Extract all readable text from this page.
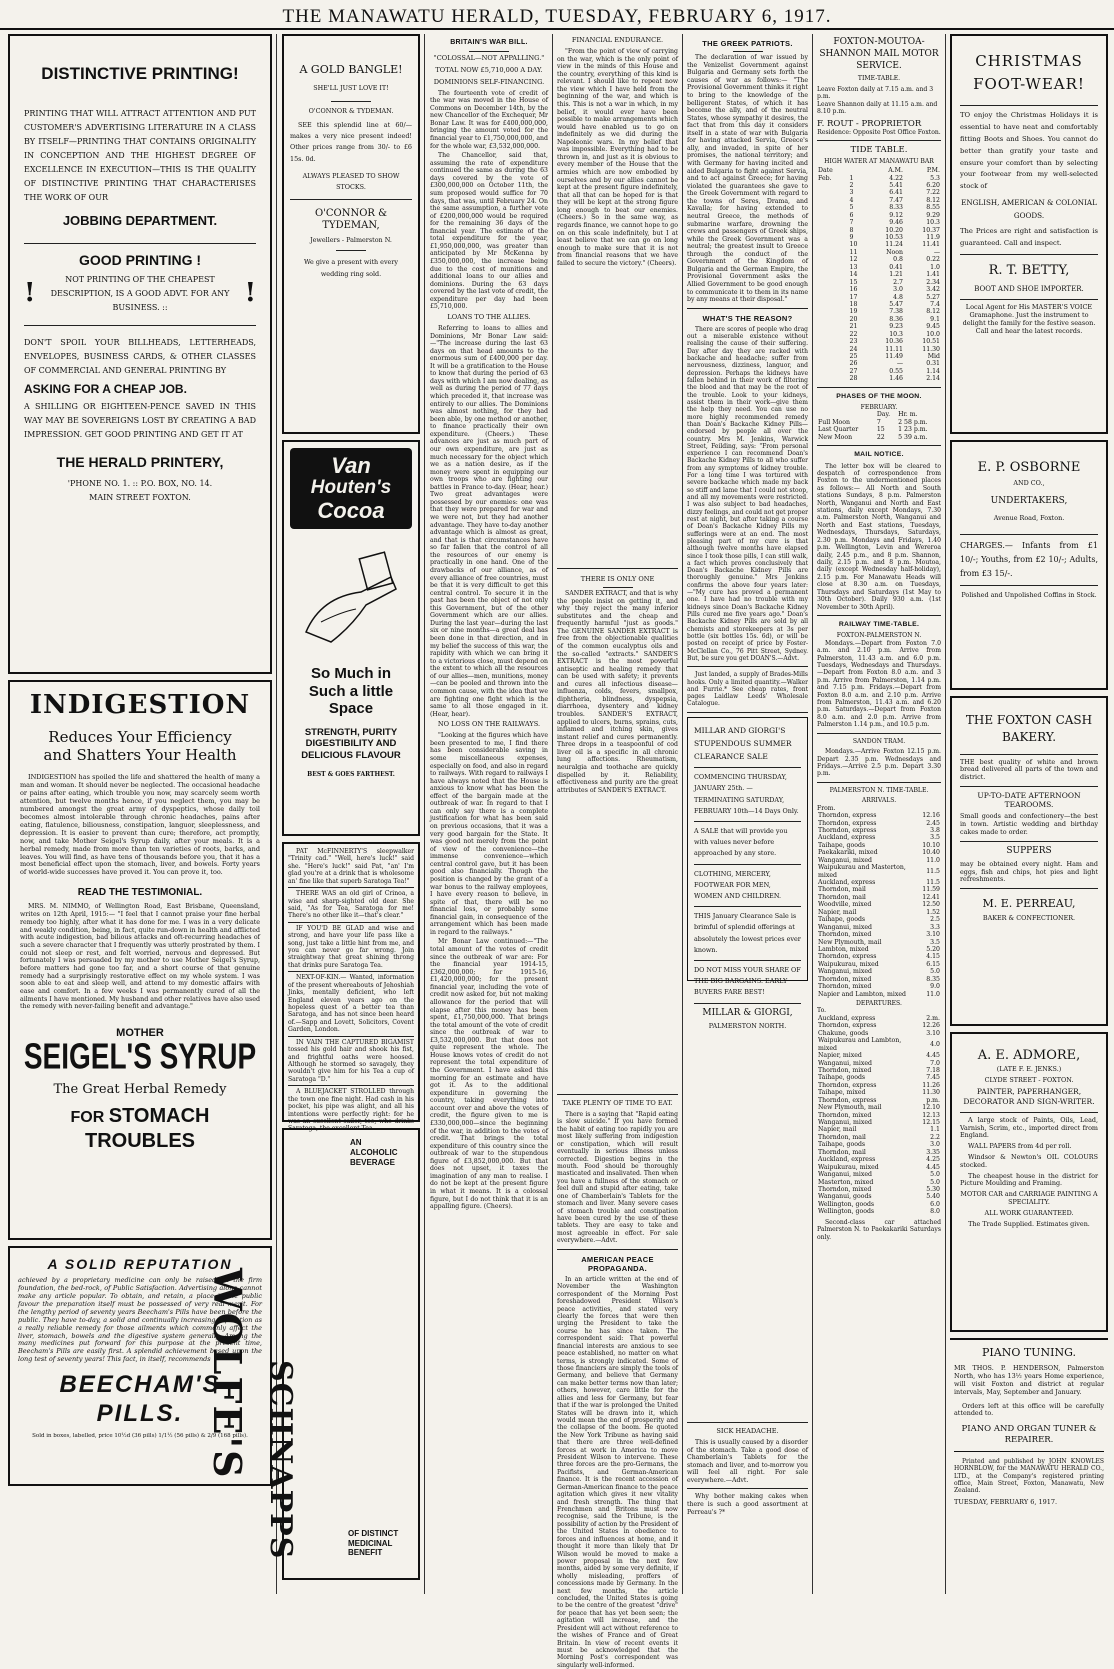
THE MANAWATU HERALD, TUESDAY, FEBRUARY 6, 1917.
DISTINCTIVE PRINTING!
PRINTING THAT WILL ATTRACT ATTENTION AND PUT CUSTOMER'S ADVERTISING LITERATURE IN A CLASS BY ITSELF—PRINTING THAT CONTAINS ORIGINALITY IN CONCEPTION AND THE HIGHEST DEGREE OF EXCELLENCE IN EXECUTION—THIS IS THE QUALITY OF DISTINCTIVE PRINTING THAT CHARACTERISES THE WORK OF OUR
JOBBING DEPARTMENT.
GOOD PRINTING !
!	NOT PRINTING OF THE CHEAPEST DESCRIPTION, IS A GOOD ADVT. FOR ANY BUSINESS. ::	!
DON'T SPOIL YOUR BILLHEADS, LETTERHEADS, ENVELOPES, BUSINESS CARDS, & OTHER CLASSES OF COMMERCIAL AND GENERAL PRINTING BY
ASKING FOR A CHEAP JOB.
A SHILLING OR EIGHTEEN-PENCE SAVED IN THIS WAY MAY BE SOVEREIGNS LOST BY CREATING A BAD IMPRESSION. GET GOOD PRINTING AND GET IT AT
THE HERALD PRINTERY,
'PHONE NO. 1. :: P.O. BOX, NO. 14.
MAIN STREET FOXTON.
INDIGESTION
Reduces Your Efficiency and Shatters Your Health

INDIGESTION has spoiled the life and shattered the health of many a man and woman. It should never be neglected. The occasional headache or pains after eating, which trouble you now, may scarcely seem worth attention, but twelve months hence, if you neglect them, you may be numbered amongst the great army of dyspeptics, whose daily toil becomes almost intolerable through chronic headaches, pains after eating, flatulence, biliousness, constipation, languor, sleeplessness, and depression. It is easier to prevent than cure; therefore, act promptly, now, and take Mother Seigel's Syrup daily, after your meals. It is a herbal remedy, made from more than ten varieties of roots, barks, and leaves. You will find, as have tens of thousands before you, that it has a most beneficial effect upon the stomach, liver, and bowels. Forty years of world-wide successes have proved it. You can prove it, too.

READ THE TESTIMONIAL.

MRS. M. NIMMO, of Wellington Road, East Brisbane, Queensland, writes on 12th April, 1915:— "I feel that I cannot praise your fine herbal remedy too highly, after what it has done for me. I was in a very delicate and weakly condition, being, in fact, quite run-down in health and afflicted with acute indigestion, bad bilious attacks and oft-recurring headaches of such a severe character that I frequently was utterly prostrated by them. I could not sleep or rest, and felt worried, nervous and depressed. But fortunately I was persuaded by my mother to use Mother Seigel's Syrup, before matters had gone too far, and a short course of that genuine remedy had a surprisingly restorative effect on my whole system. I was soon able to eat and sleep well, and attend to my domestic affairs with ease and comfort. In a few weeks I was permanently cured of all the ailments I have mentioned. My husband and other relatives have also used the remedy with never-failing benefit and advantage."

MOTHER
SEIGEL'S SYRUP
The Great Herbal Remedy
FOR STOMACH TROUBLES
A SOLID REPUTATION

achieved by a proprietary medicine can only be raised on the firm foundation, the bed-rock, of Public Satisfaction. Advertising alone cannot make any article popular. To obtain, and retain, a place in the public favour the preparation itself must be possessed of very real merit. For the lengthy period of seventy years Beecham's Pills have been before the public. They have to-day, a solid and continually increasing reputation as a really reliable remedy for those ailments which commonly affect the liver, stomach, bowels and the digestive system generally. Among the many medicines put forward for this purpose at the present time, Beecham's Pills are easily first. A splendid achievement based upon the long test of seventy years! This fact, in itself, recommends

BEECHAM'S PILLS.
Sold in boxes, labelled, price 10½d (36 pills) 1/1½ (56 pills) & 2/9 (168 pills).
A GOLD BANGLE!
SHE'LL JUST LOVE IT!

O'CONNOR & TYDEMAN.

SEE this splendid line at 60/— makes a very nice present indeed! Other prices range from 30/- to £6 15s. 0d.

ALWAYS PLEASED TO SHOW STOCKS.
O'CONNOR & TYDEMAN,
Jewellers - Palmerston N.
We give a present with every wedding ring sold.
Van
Houten's
Cocoa
So Much in
Such a little
Space
STRENGTH, PURITY DIGESTIBILITY AND DELICIOUS FLAVOUR
BEST & GOES FARTHEST.

PAT McFINNERTY'S sleepwalker "Trinity cad." "Well, here's luck!" said she. "Here's luck!" said Pat, "an' I'm glad you're at a drink that is wholesome an' fine like that superb Saratoga Tea!"

THERE WAS an old girl of Crinoa, a wise and sharp-sighted old dear. She said, "As for Tea, Saratoga for me! There's no other like it—that's clear."

IF YOU'D BE GLAD and wise and strong, and have your life pass like a song, just take a little hint from me, and you can never go far wrong. Join straightway that great shining throng that drinks pure Saratoga Tea.

NEXT-OF-KIN.— Wanted, information of the present whereabouts of Jehoshiah Jinks, mentally deficient, who left England eleven years ago on the hopeless quest of a better tea than Saratoga, and has not since been heard of.—Sapp and Lovett, Solicitors, Covent Garden, London.

IN VAIN THE CAPTURED BIGAMIST tossed his gold hair and shook his fist, and frightful oaths were hoosed. Although he stormed so savagely, they wouldn't give him for his Tea a cup of Saratoga "D."

A BLUEJACKET STROLLED through the town one fine night. Had cash in his pocket, his pipe was alight, and all his intentions were perfectly right: for he was an excellent sailor, too, who drinks Saratoga, the excellent Tea.

AN ALCOHOLIC BEVERAGE
WOLFE'S SCHNAPPS	OF DISTINCT MEDICINAL BENEFIT
BRITAIN'S WAR BILL.
"COLOSSAL—NOT APPALLING."
TOTAL NOW £5,710,000 A DAY.
DOMINIONS SELF-FINANCING.

The fourteenth vote of credit of the war was moved in the House of Commons on December 14th, by the new Chancellor of the Exchequer, Mr Bonar Law. It was for £400,000,000, bringing the amount voted for the financial year to £1,750,000,000, and for the whole war, £3,532,000,000.

The Chancellor, said that, assuming the rate of expenditure continued the same as during the 63 days covered by the vote of £300,000,000 on October 11th, the sum proposed would suffice for 70 days, that was, until February 24. On the same assumption, a further vote of £200,000,000 would be required for the remaining 36 days of the financial year. The estimate of the total expenditure for the year, £1,950,000,000, was greater than anticipated by Mr McKenna by £350,000,000, the increase being due to the cost of munitions and additional loans to our allies and dominions. During the 63 days covered by the last vote of credit, the expenditure per day had been £5,710,000.

LOANS TO THE ALLIES.

Referring to loans to allies and Dominions, Mr Bonar Law said:—"The increase during the last 63 days on that head amounts to the enormous sum of £400,000 per day. It will be a gratification to the House to know that during the period of 63 days with which I am now dealing, as well as during the period of 77 days which preceded it, that increase was entirely to our allies. The Dominions was almost nothing, for they had been able, by one method or another, to finance practically their own expenditure. (Cheers.) These advances are just as much part of our own expenditure, are just as much necessary for the object which we as a nation desire, as if the money were spent in equipping our own troops who are fighting our battles in France to-day. (Hear, hear.) Two great advantages were possessed by our enemies: one was that they were prepared for war and we were not, but they had another advantage. They have to-day another advantage which is almost as great, and that is that circumstances have so far fallen that the control of all the resources of our enemy is practically in one hand. One of the drawbacks of our alliance, as of every alliance of free countries, must be that it is very difficult to get this central control. To secure it in the past has been the object of not only this Government, but of the other Government which are our allies. During the last year—during the last six or nine months—a great deal has been done in that direction, and in my belief the success of this war, the rapidity with which we can bring it to a victorious close, must depend on the extent to which all the resources of our allies—men, munitions, money—can be pooled and thrown into the common cause, with the idea that we are fighting one fight which is the same to all those engaged in it. (Hear, hear).

NO LOSS ON THE RAILWAYS.

"Looking at the figures which have been presented to me, I find there has been considerable saving in some miscellaneous expenses, especially on food, and also in regard to railways. With regard to railways I have always noted that the House is anxious to know what has been the effect of the bargain made at the outbreak of war. In regard to that I can only say there is a complete justification for what has been said on previous occasions, that it was a very good bargain for the State. It was good not merely from the point of view of the convenience—the immense convenience—which central control gave, but it has been good also financially. Though the position is changed by the grant of a war bonus to the railway employees, I have every reason to believe, in spite of that, there will be no financial loss, or probably some financial gain, in consequence of the arrangement which has been made in regard to the railways."

Mr Bonar Law continued:—"The total amount of the votes of credit since the outbreak of war are: For the financial year 1914-15, £362,000,000; for 1915-16, £1,420,000,000; for the present financial year, including the vote of credit now asked for, but not making allowance for the period that will elapse after this money has been spent, £1,750,000,000. That brings the total amount of the vote of credit since the outbreak of war to £3,532,000,000. But that does not quite represent the whole. The House knows votes of credit do not represent the total expenditure of the Government. I have asked this morning for an estimate and have got it. As to the additional expenditure in governing the country, taking everything into account over and above the votes of credit, the figure given to me is £330,000,000—since the beginning of the war, in addition to the votes of credit. That brings the total expenditure of this country since the outbreak of war to the stupendous figure of £3,852,000,000. But that does not upset, it taxes the imagination of any man to realise. I do not be kept at the present figure in what it means. It is a colossal figure, but I do not think that it is an appalling figure. (Cheers).

FINANCIAL ENDURANCE.

"From the point of view of carrying on the war, which is the only point of view in the minds of this House and the country, everything of this kind is relevant. I should like to repeat now the view which I have held from the beginning of the war, and which is this. This is not a war in which, in my belief, it would ever have been possible to make arrangements which would have enabled us to go on indefinitely as we did during the Napoleonic wars. In my belief that was impossible. Everything had to be thrown in, and just as it is obvious to every member of the House that the armies which are now embodied by ourselves and by our allies cannot be kept at the present figure indefinitely, that all that can be hoped for is that they will be kept at the strong figure long enough to beat our enemies. (Cheers.) So in the same way, as regards finance, we cannot hope to go on on this scale indefinitely, but I at least believe that we can go on long enough to make sure that it is not from financial reasons that we have failed to secure the victory." (Cheers).

THERE IS ONLY ONE

SANDER EXTRACT, and that is why the people insist on getting it, and why they reject the many inferior substitutes and the cheap and frequently harmful "just as goods." The GENUINE SANDER EXTRACT is free from the objectionable qualities of the common eucalyptus oils and the so-called "extracts." SANDER'S EXTRACT is the most powerful antiseptic and healing remedy that can be used with safety; it prevents and cures all infectious disease—influenza, colds, fevers, smallpox, diphtheria, blindness, dyspepsia, diarrhoea, dysentery and kidney troubles. SANDER'S EXTRACT, applied to ulcers, burns, sprains, cuts, inflamed and itching skin, gives instant relief and cures permanently. Three drops in a teaspoonful of cod liver oil is a specific in all chronic lung affections. Rheumatism, neuralgia and toothache are quickly dispelled by it. Reliability, effectiveness and purity are the great attributes of SANDER'S EXTRACT.

THE GREEK PATRIOTS.

The declaration of war issued by the Venizelist Government against Bulgaria and Germany sets forth the causes of war as follows:— "The Provisional Government thinks it right to bring to the knowledge of the belligerent States, of which it has become the ally, and of the neutral States, whose sympathy it desires, the fact that from this day it considers itself in a state of war with Bulgaria for having attacked Servia, Greece's ally, and invaded, in spite of her promises, the national territory; and with Germany for having incited and aided Bulgaria to fight against Servia, and to act against Greece; for having violated the guarantees she gave to the Greek Government with regard to the towns of Seres, Drama, and Kavalla; for having extended to neutral Greece, the methods of submarine warfare, drowning the crews and passengers of Greek ships, while the Greek Government was a neutral; the greatest insult to Greece through the conduct of the Government of the Kingdom of Bulgaria and the German Empire, the Provisional Government asks the Allied Government to be good enough to communicate it to them in its name by any means at their disposal."

WHAT'S THE REASON?

There are scores of people who drag out a miserable existence without realising the cause of their suffering. Day after day they are racked with backache and headache; suffer from nervousness, dizziness, languor, and depression. Perhaps the kidneys have fallen behind in their work of filtering the blood and that may be the root of the trouble. Look to your kidneys, assist them in their work—give them the help they need. You can use no more highly recommended remedy than Doan's Backache Kidney Pills—endorsed by people all over the country. Mrs M. Jenkins, Warwick Street, Feilding, says: "From personal experience I can recommend Doan's Backache Kidney Pills to all who suffer from any symptoms of kidney trouble. For a long time I was tortured with severe backache which made my back so stiff and lame that I could not stoop, and all my movements were restricted. I was also subject to bad headaches, dizzy feelings, and could not get proper rest at night, but after taking a course of Doan's Backache Kidney Pills my sufferings were at an end. The most pleasing part of my cure is that although twelve months have elapsed since I took those pills, I can still walk, a fact which proves conclusively that Doan's Backache Kidney Pills are thoroughly genuine." Mrs Jenkins confirms the above four years later:—"My cure has proved a permanent one. I have had no trouble with my kidneys since Doan's Backache Kidney Pills cured me five years ago." Doan's Backache Kidney Pills are sold by all chemists and storekeepers at 3s per bottle (six bottles 15s. 6d), or will be posted on receipt of price by Foster-McClellan Co., 76 Pitt Street, Sydney. But, be sure you get DOAN'S.—Advt.

Just landed, a supply of Brades-Mills hooks. Only a limited quantity.—Walker and Furrie.* See cheap rates, front pages Laidlaw Leeds' Wholesale Catalogue.

MILLAR AND GIORGI'S STUPENDOUS SUMMER CLEARANCE SALE
COMMENCING THURSDAY, JANUARY 25th. — TERMINATING SATURDAY, FEBRUARY 10th—14 Days Only.
A SALE that will provide you with values never before approached by any store.
CLOTHING, MERCERY, FOOTWEAR FOR MEN, WOMEN AND CHILDREN.
THIS January Clearance Sale is brimful of splendid offerings at absolutely the lowest prices ever known.
DO NOT MISS YOUR SHARE OF THE BIG BARGAINS. EARLY BUYERS FARE BEST!
MILLAR & GIORGI,
PALMERSTON NORTH.
TAKE PLENTY OF TIME TO EAT.

There is a saying that "Rapid eating is slow suicide." If you have formed the habit of eating too rapidly you are most likely suffering from indigestion or constipation, which will result eventually in serious illness unless corrected. Digestion begins in the mouth. Food should be thoroughly masticated and insalivated. Then when you have a fullness of the stomach or feel dull and stupid after eating, take one of Chamberlain's Tablets for the stomach and liver. Many severe cases of stomach trouble and constipation have been cured by the use of these tablets. They are easy to take and most agreeable in effect. For sale everywhere.—Advt.

AMERICAN PEACE PROPAGANDA.

In an article written at the end of November the Washington correspondent of the Morning Post foreshadowed President Wilson's peace activities, and stated very clearly the forces that were then urging the President to take the course he has since taken. The correspondent said: That powerful financial interests are anxious to see peace established, no matter on what terms, is strongly indicated. Some of those financiers are simply the tools of Germany, and believe that Germany can make better terms now than later; others, however, care little for the allies and less for Germany, but fear that if the war is prolonged the United States will be drawn into it, which would mean the end of prosperity and the collapse of the boom. He quoted the New York Tribune as having said that there are three well-defined forces at work in America to move President Wilson to intervene. These three forces are the pro-Germans, the Pacifists, and German-American finance. It is the recent accession of German-American finance to the peace agitation which gives it new vitality and fresh strength. The thing that Frenchmen and Britons must now recognise, said the Tribune, is the possibility of action by the President of the United States in obedience to forces and influences at home, and it thought it more than likely that Dr Wilson would be moved to make a power proposal in the next few months, aided by some very definite, if wholly misleading, proffers of concessions made by Germany. In the next few months, the article concluded, the United States is going to be the centre of the greatest "drive" for peace that has yet been seen; the agitation will increase, and the President will act without reference to the wishes of France and of Great Britain. In view of recent events it must be acknowledged that the Morning Post's correspondent was singularly well-informed.

SICK HEADACHE.

This is usually caused by a disorder of the stomach. Take a good dose of Chamberlain's Tablets for the stomach and liver, and to-morrow you will feel all right. For sale everywhere.—Advt.

Why bother making cakes when there is such a good assortment at Perreau's ?*

FOXTON-MOUTOA-SHANNON MAIL MOTOR SERVICE.
TIME-TABLE.

Leave Foxton daily at 7.15 a.m. and 3 p.m.

Leave Shannon daily at 11.15 a.m. and 8.10 p.m.

F. ROUT - PROPRIETOR

Residence: Opposite Post Office Foxton.

TIDE TABLE.
HIGH WATER AT MANAWATU BAR
Date		A.M.	P.M.
Feb.	1	4.22	5.3
	2	5.41	6.20
	3	6.41	7.22
	4	7.47	8.12
	5	8.33	8.55
	6	9.12	9.29
	7	9.46	10.3
	8	10.20	10.37
	9	10.53	11.9
	10	11.24	11.41
	11	Noon	—
	12	0.8	0.22
	13	0.41	1.0
	14	1.21	1.41
	15	2.7	2.34
	16	3.0	3.42
	17	4.8	5.27
	18	5.47	7.4
	19	7.38	8.12
	20	8.36	9.1
	21	9.23	9.45
	22	10.3	10.0
	23	10.36	10.51
	24	11.11	11.30
	25	11.49	Mid
	26	—	0.31
	27	0.55	1.14
	28	1.46	2.14
PHASES OF THE MOON.
FEBRUARY.
	Day.	Hr. m.
Full Moon	7	2 58 p.m.
Last Quarter	15	1 23 p.m.
New Moon	22	5 39 a.m.
MAIL NOTICE.

The letter box will be cleared to despatch of correspondence from Foxton to the undermentioned places as follows:— All North and South stations Sundays, 8 p.m. Palmerston North, Wanganui and North and East stations, daily except Mondays, 7.30 a.m. Palmerston North, Wanganui and North and East stations, Tuesdays, Wednesdays, Thursdays, Saturdays, 2.30 p.m. Mondays and Fridays, 1.40 p.m. Wellington, Levin and Wereroa daily, 2.45 p.m., and 8 p.m. Shannon, daily, 2.15 p.m. and 8 p.m. Moutoa, daily (except Wednesday half-holiday), 2.15 p.m. For Manawatu Heads will close at 8.30 a.m. on Tuesdays, Thursdays and Saturdays (1st May to 30th October). Daily 930 a.m. (1st November to 30th April).

RAILWAY TIME-TABLE.
FOXTON-PALMERSTON N.

Mondays.—Depart from Foxton 7.0 a.m. and 2.10 p.m. Arrive from Palmerston, 11.43 a.m. and 6.0 p.m. Tuesdays, Wednesdays and Thursdays.—Depart from Foxton 8.0 a.m. and 3 p.m. Arrive from Palmerston, 1.14 p.m. and 7.15 p.m. Fridays.—Depart from Foxton 8.0 a.m. and 2.10 p.m. Arrive from Palmerston, 11.43 a.m. and 6.20 p.m. Saturdays.—Depart from Foxton 8.0 a.m. and 2.0 p.m. Arrive from Palmerston 1.14 p.m., and 10.5 p.m.

SANDON TRAM.

Mondays.—Arrive Foxton 12.15 p.m. Depart 2.35 p.m. Wednesdays and Fridays.—Arrive 2.5 p.m. Depart 3.30 p.m.

PALMERSTON N. TIME-TABLE.
ARRIVALS.
From.
Thorndon, express	12.16
Thorndon, express	2.45
Thorndon, express	3.8
Auckland, express	3.5
Taihape, goods	10.10
Paekakariki, mixed	10.40
Wanganui, mixed	11.0
Waipukurau and Masterton, mixed	11.5
Auckland, express	11.5
Thorndon, mail	11.59
Thorndon, mail	12.41
Woodville, mixed	12.50
Napier, mail	1.52
Taihape, goods	2.5
Wanganui, mixed	3.3
Thorndon, mixed	3.10
New Plymouth, mail	3.5
Lambton, mixed	5.20
Thorndon, express	4.15
Waipukurau, mixed	6.15
Wanganui, mixed	5.0
Thorndon, mixed	8.35
Thorndon, mixed	9.0
Napier and Lambton, mixed	11.0
DEPARTURES.
To.
Auckland, express	2.m.
Thorndon, express	12.26
Chakune, goods	3.10
Waipukurau and Lambton, mixed	4.0
Napier, mixed	4.45
Wanganui, mixed	7.0
Thorndon, mixed	7.18
Taihape, goods	7.45
Thorndon, express	11.26
Taihape, mixed	11.30
Thorndon, express	p.m.
New Plymouth, mail	12.10
Thorndon, mixed	12.13
Wanganui, mixed	12.15
Napier, mail	1.1
Thorndon, mail	2.2
Taihape, goods	3.0
Thorndon, mail	3.35
Auckland, express	4.25
Waipukurau, mixed	4.45
Wanganui, mixed	5.0
Masterton, mixed	5.0
Thorndon, mixed	5.30
Wanganui, goods	5.40
Wellington, goods	6.0
Wellington, goods	8.0

Second-class car attached Palmerston N. to Paekakariki Saturdays only.

CHRISTMAS FOOT-WEAR!

TO enjoy the Christmas Holidays it is essential to have neat and comfortably fitting Boots and Shoes. You cannot do better than gratify your taste and ensure your comfort than by selecting your footwear from my well-selected stock of

ENGLISH, AMERICAN & COLONIAL GOODS.

The Prices are right and satisfaction is guaranteed. Call and inspect.

R. T. BETTY,
BOOT AND SHOE IMPORTER.

Local Agent for His MASTER'S VOICE Gramaphone. Just the instrument to delight the family for the festive season. Call and hear the latest records.

E. P. OSBORNE
AND CO.,
UNDERTAKERS,
Avenue Road, Foxton.

CHARGES.— Infants from £1 10/-; Youths, from £2 10/-; Adults, from £3 15/-.

Polished and Unpolished Coffins in Stock.

THE FOXTON CASH BAKERY.

THE best quality of white and brown bread delivered all parts of the town and district.

UP-TO-DATE AFTERNOON TEAROOMS.

Small goods and confectionery—the best in town. Artistic wedding and birthday cakes made to order.

SUPPERS

may be obtained every night. Ham and eggs, fish and chips, hot pies and light refreshments.

M. E. PERREAU,
BAKER & CONFECTIONER.
A. E. ADMORE,
(LATE F. E. JENKS.)
CLYDE STREET - FOXTON.
PAINTER, PAPERHANGER, DECORATOR AND SIGN-WRITER.

A large stock of Paints, Oils, Lead, Varnish, Scrim, etc., imported direct from England.

WALL PAPERS from 4d per roll.

Windsor & Newton's OIL COLOURS stocked.

The cheapest house in the district for Picture Moulding and Framing.

MOTOR CAR and CARRIAGE PAINTING A SPECIALITY.

ALL WORK GUARANTEED.

The Trade Supplied. Estimates given.

PIANO TUNING.

MR THOS. P. HENDERSON, Palmerston North, who has 13½ years Home experience, will visit Foxton and district at regular intervals, May, September and January.

Orders left at this office will be carefully attended to.

PIANO AND ORGAN TUNER & REPAIRER.

Printed and published by JOHN KNOWLES HORNBLOW, for the MANAWATU HERALD CO., LTD., at the Company's registered printing office, Main Street, Foxton, Manawatu, New Zealand.

TUESDAY, FEBRUARY 6, 1917.
